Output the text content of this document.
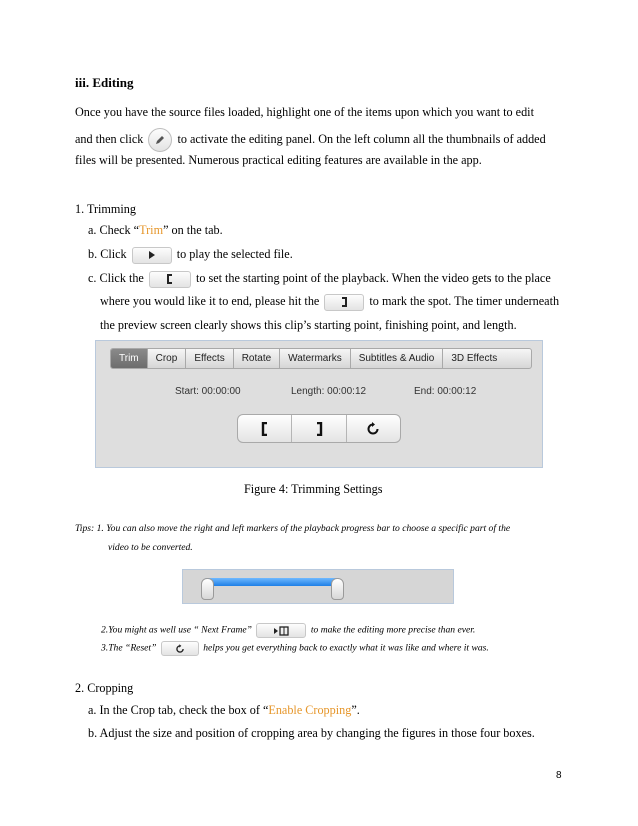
iii. Editing
Once you have the source files loaded, highlight one of the items upon which you want to edit
and then click	to activate the editing panel. On the left column all the thumbnails of added
files will be presented. Numerous practical editing features are available in the app.
1. Trimming
a. Check “Trim” on the tab.
b. Click	to play the selected file.
c. Click the	to set the starting point of the playback. When the video gets to the place
where you would like it to end, please hit the	to mark the spot. The timer underneath
the preview screen clearly shows this clip’s starting point, finishing point, and length.
Trim	Crop	Effects	Rotate	Watermarks	Subtitles & Audio	3D Effects
Start: 00:00:00	Length: 00:00:12	End: 00:00:12
Figure 4: Trimming Settings
Tips: 1. You can also move the right and left markers of the playback progress bar to choose a specific part of the
video to be converted.
2.You might as well use “ Next Frame”	to make the editing more precise than ever.
3.The “Reset”	helps you get everything back to exactly what it was like and where it was.
2. Cropping
a. In the Crop tab, check the box of “Enable Cropping”.
b. Adjust the size and position of cropping area by changing the figures in those four boxes.
8
